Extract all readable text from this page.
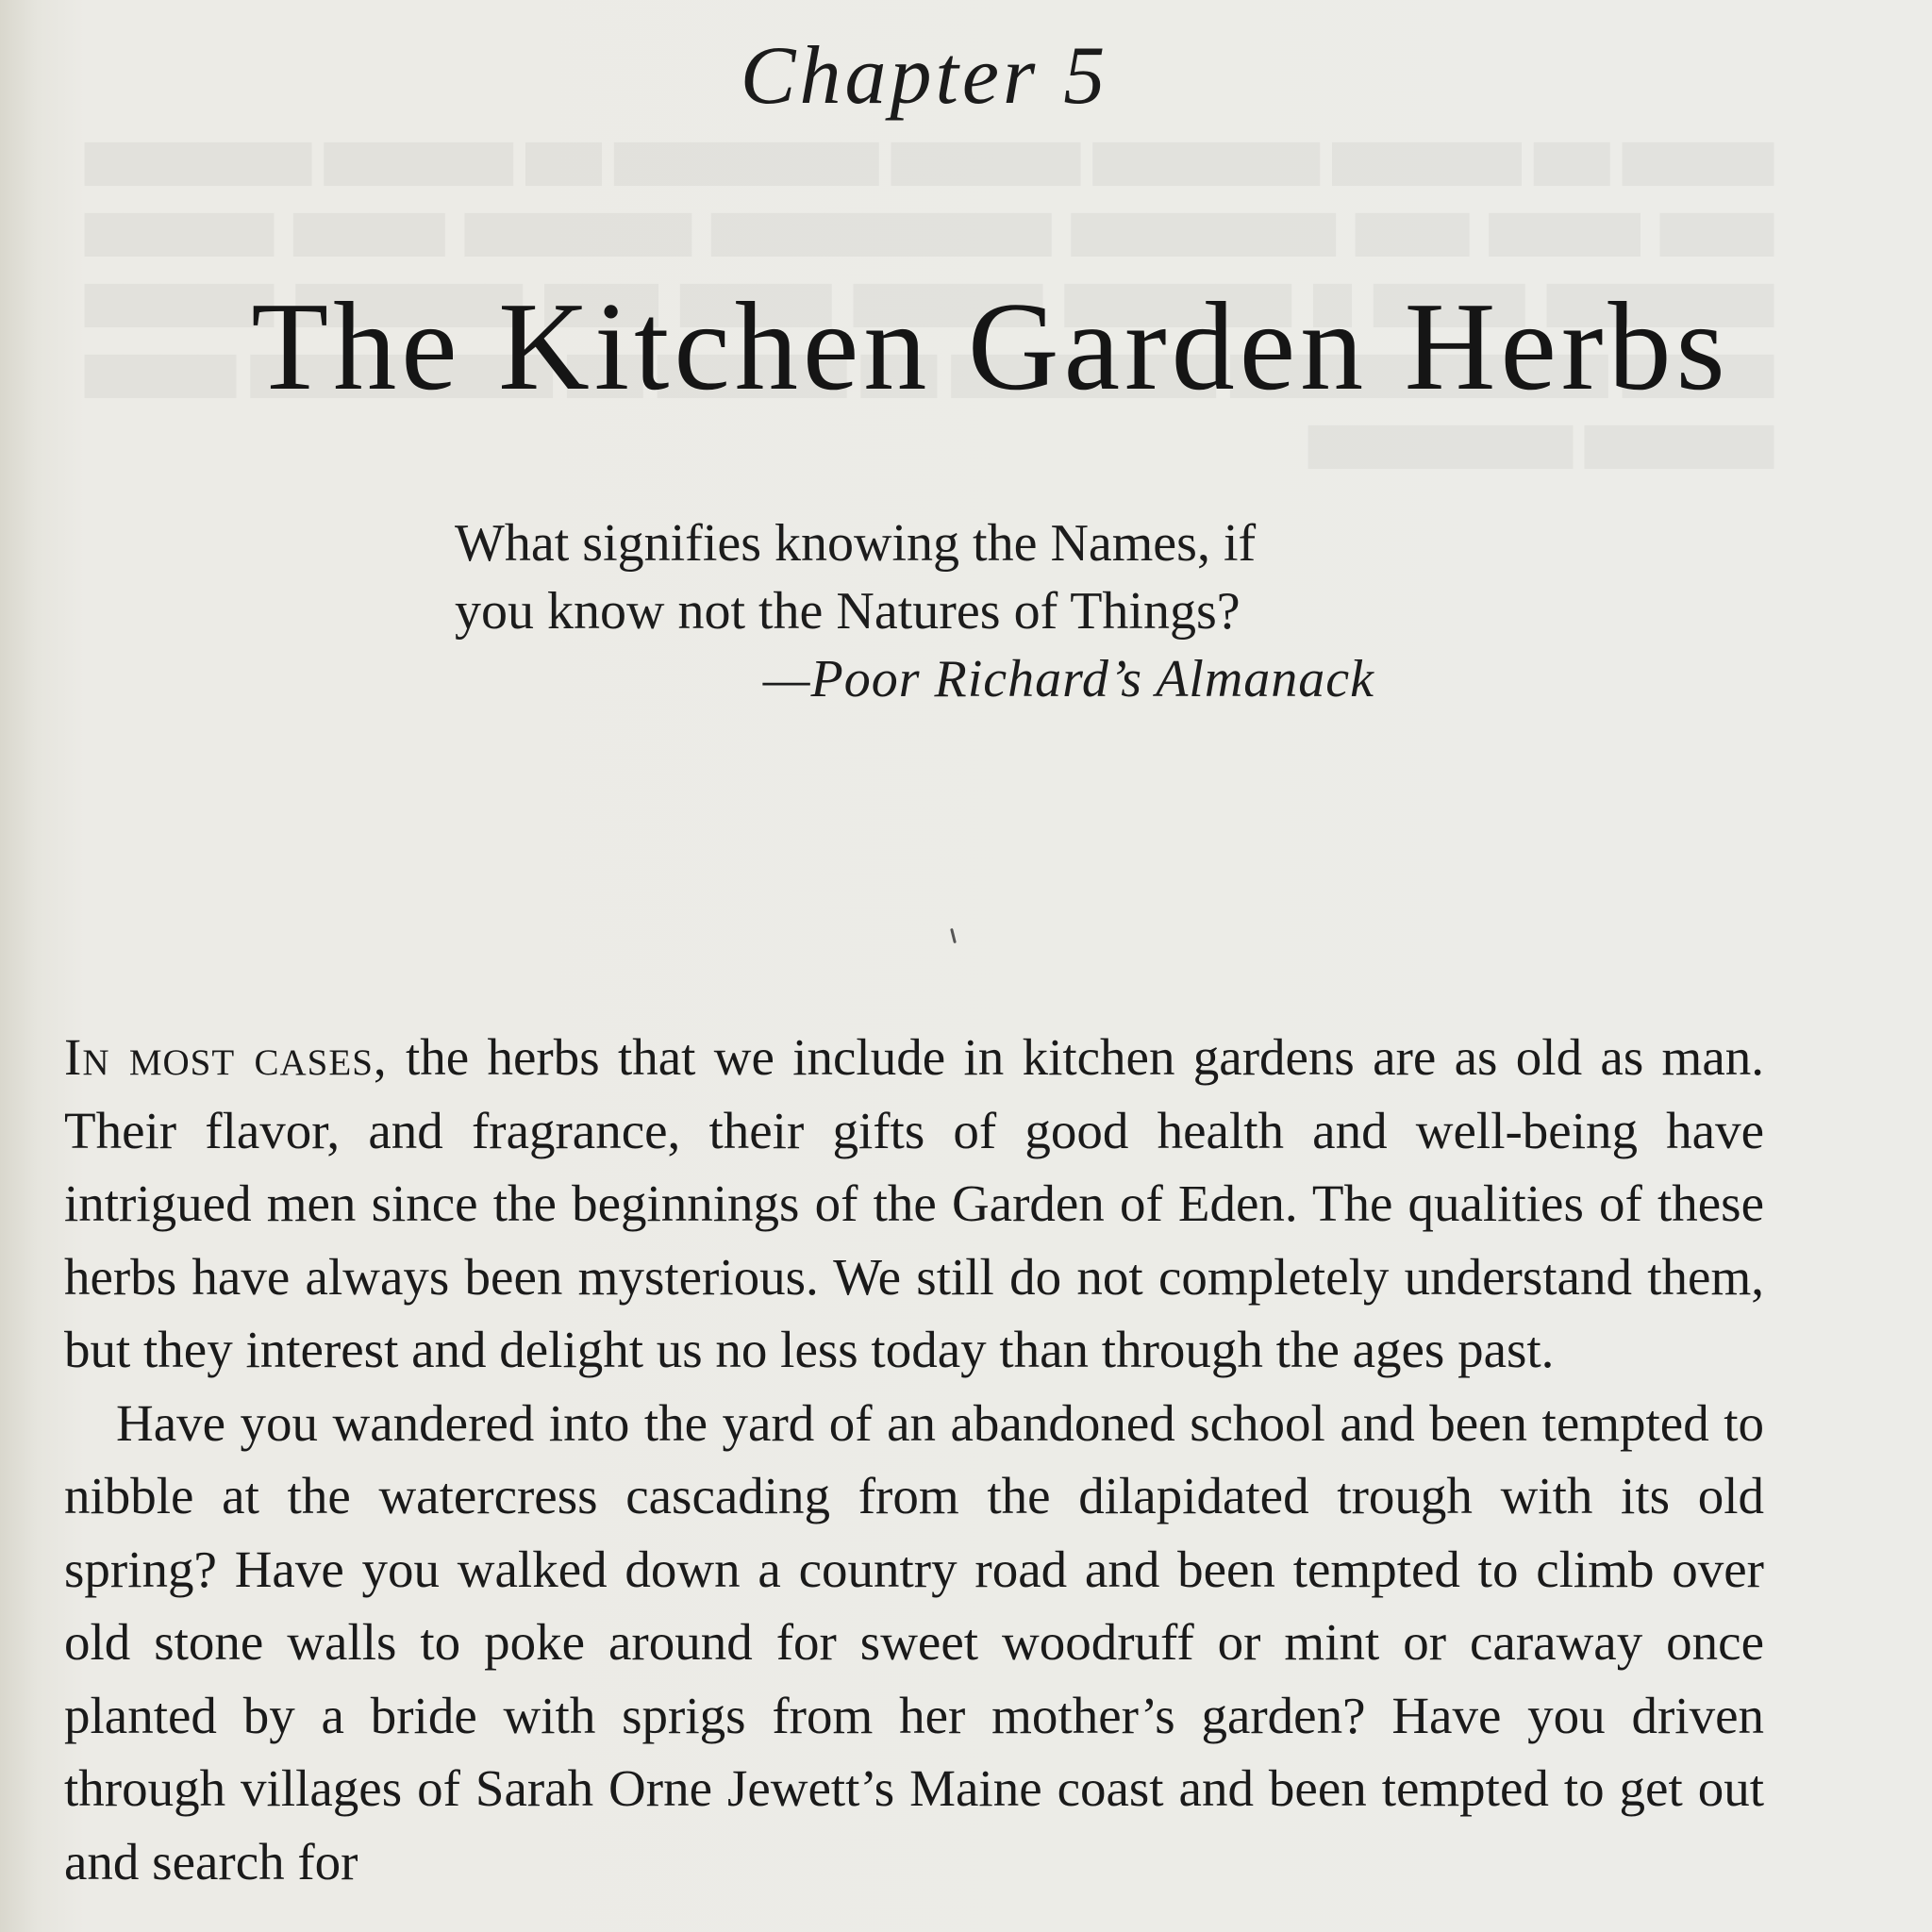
Chapter 5
The Kitchen Garden Herbs
What signifies knowing the Names, if
you know not the Natures of Things?
—Poor Richard’s Almanack

In most cases, the herbs that we include in kitchen gardens are as old as man. Their flavor, and fragrance, their gifts of good health and well-being have intrigued men since the beginnings of the Garden of Eden. The qualities of these herbs have always been mysterious. We still do not completely understand them, but they interest and delight us no less today than through the ages past.

Have you wandered into the yard of an abandoned school and been tempted to nibble at the watercress cascading from the dilapidated trough with its old spring? Have you walked down a country road and been tempted to climb over old stone walls to poke around for sweet woodruff or mint or caraway once planted by a bride with sprigs from her mother’s garden? Have you driven through villages of Sarah Orne Jewett’s Maine coast and been tempted to get out and search for
